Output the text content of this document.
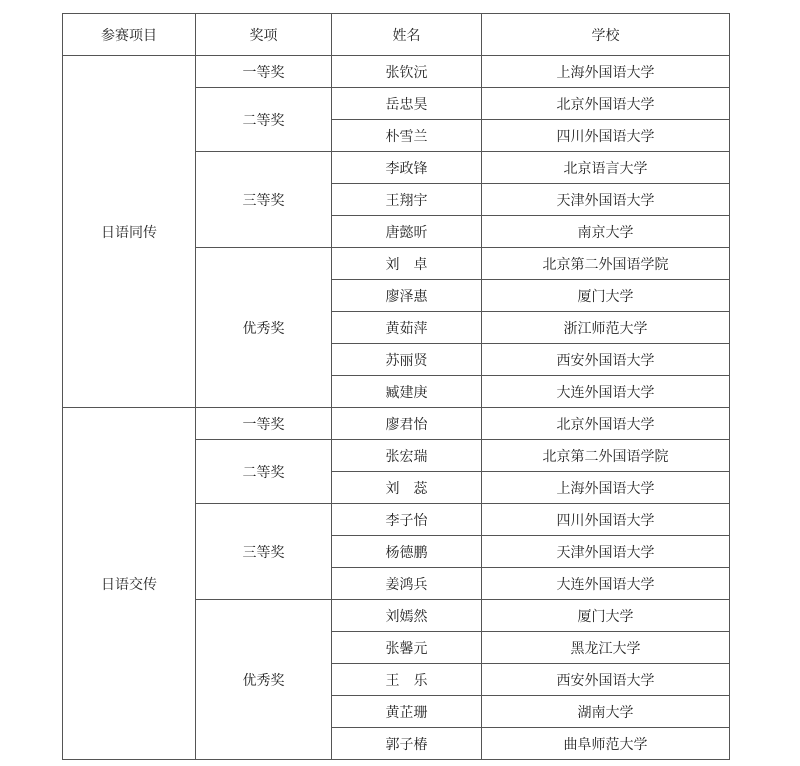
参赛项目	奖项	姓名	学校
日语同传	一等奖	张钦沅	上海外国语大学
	二等奖	岳忠昊	北京外国语大学
		朴雪兰	四川外国语大学
	三等奖	李政锋	北京语言大学
		王翔宇	天津外国语大学
		唐懿昕	南京大学
	优秀奖	刘　卓	北京第二外国语学院
		廖泽惠	厦门大学
		黄茹萍	浙江师范大学
		苏丽贤	西安外国语大学
		臧建庚	大连外国语大学
日语交传	一等奖	廖君怡	北京外国语大学
	二等奖	张宏瑞	北京第二外国语学院
		刘　蕊	上海外国语大学
	三等奖	李子怡	四川外国语大学
		杨德鹏	天津外国语大学
		姜鸿兵	大连外国语大学
	优秀奖	刘嫣然	厦门大学
		张馨元	黑龙江大学
		王　乐	西安外国语大学
		黄芷珊	湖南大学
		郭子椿	曲阜师范大学
